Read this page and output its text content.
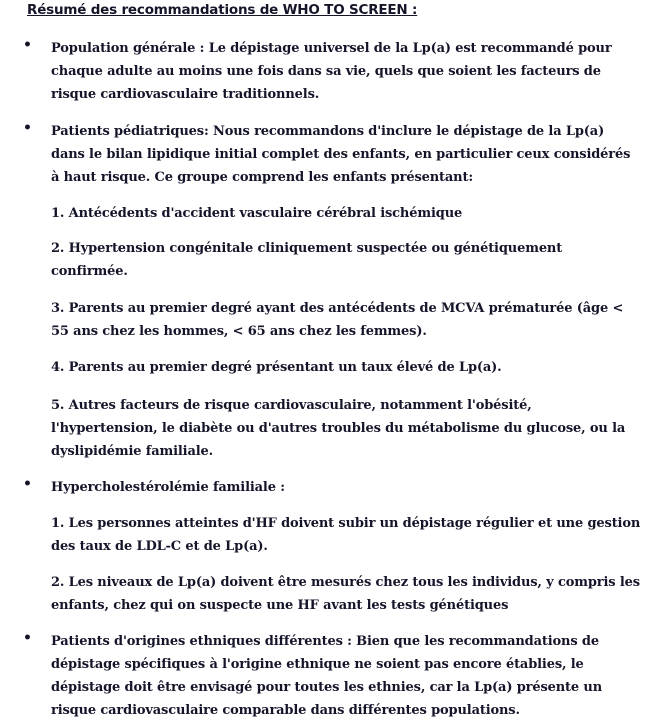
Résumé des recommandations de WHO TO SCREEN :
• Population générale : Le dépistage universel de la Lp(a) est recommandé pour chaque adulte au moins une fois dans sa vie, quels que soient les facteurs de risque cardiovasculaire traditionnels.

• Patients pédiatriques: Nous recommandons d'inclure le dépistage de la Lp(a) dans le bilan lipidique initial complet des enfants, en particulier ceux considérés à haut risque. Ce groupe comprend les enfants présentant:

1. Antécédents d'accident vasculaire cérébral ischémique

2. Hypertension congénitale cliniquement suspectée ou génétiquement confirmée.

3. Parents au premier degré ayant des antécédents de MCVA prématurée (âge < 55 ans chez les hommes, < 65 ans chez les femmes).

4. Parents au premier degré présentant un taux élevé de Lp(a).

5. Autres facteurs de risque cardiovasculaire, notamment l'obésité, l'hypertension, le diabète ou d'autres troubles du métabolisme du glucose, ou la dyslipidémie familiale.

• Hypercholestérolémie familiale :

1. Les personnes atteintes d'HF doivent subir un dépistage régulier et une gestion des taux de LDL-C et de Lp(a).

2. Les niveaux de Lp(a) doivent être mesurés chez tous les individus, y compris les enfants, chez qui on suspecte une HF avant les tests génétiques

• Patients d'origines ethniques différentes : Bien que les recommandations de dépistage spécifiques à l'origine ethnique ne soient pas encore établies, le dépistage doit être envisagé pour toutes les ethnies, car la Lp(a) présente un risque cardiovasculaire comparable dans différentes populations.
